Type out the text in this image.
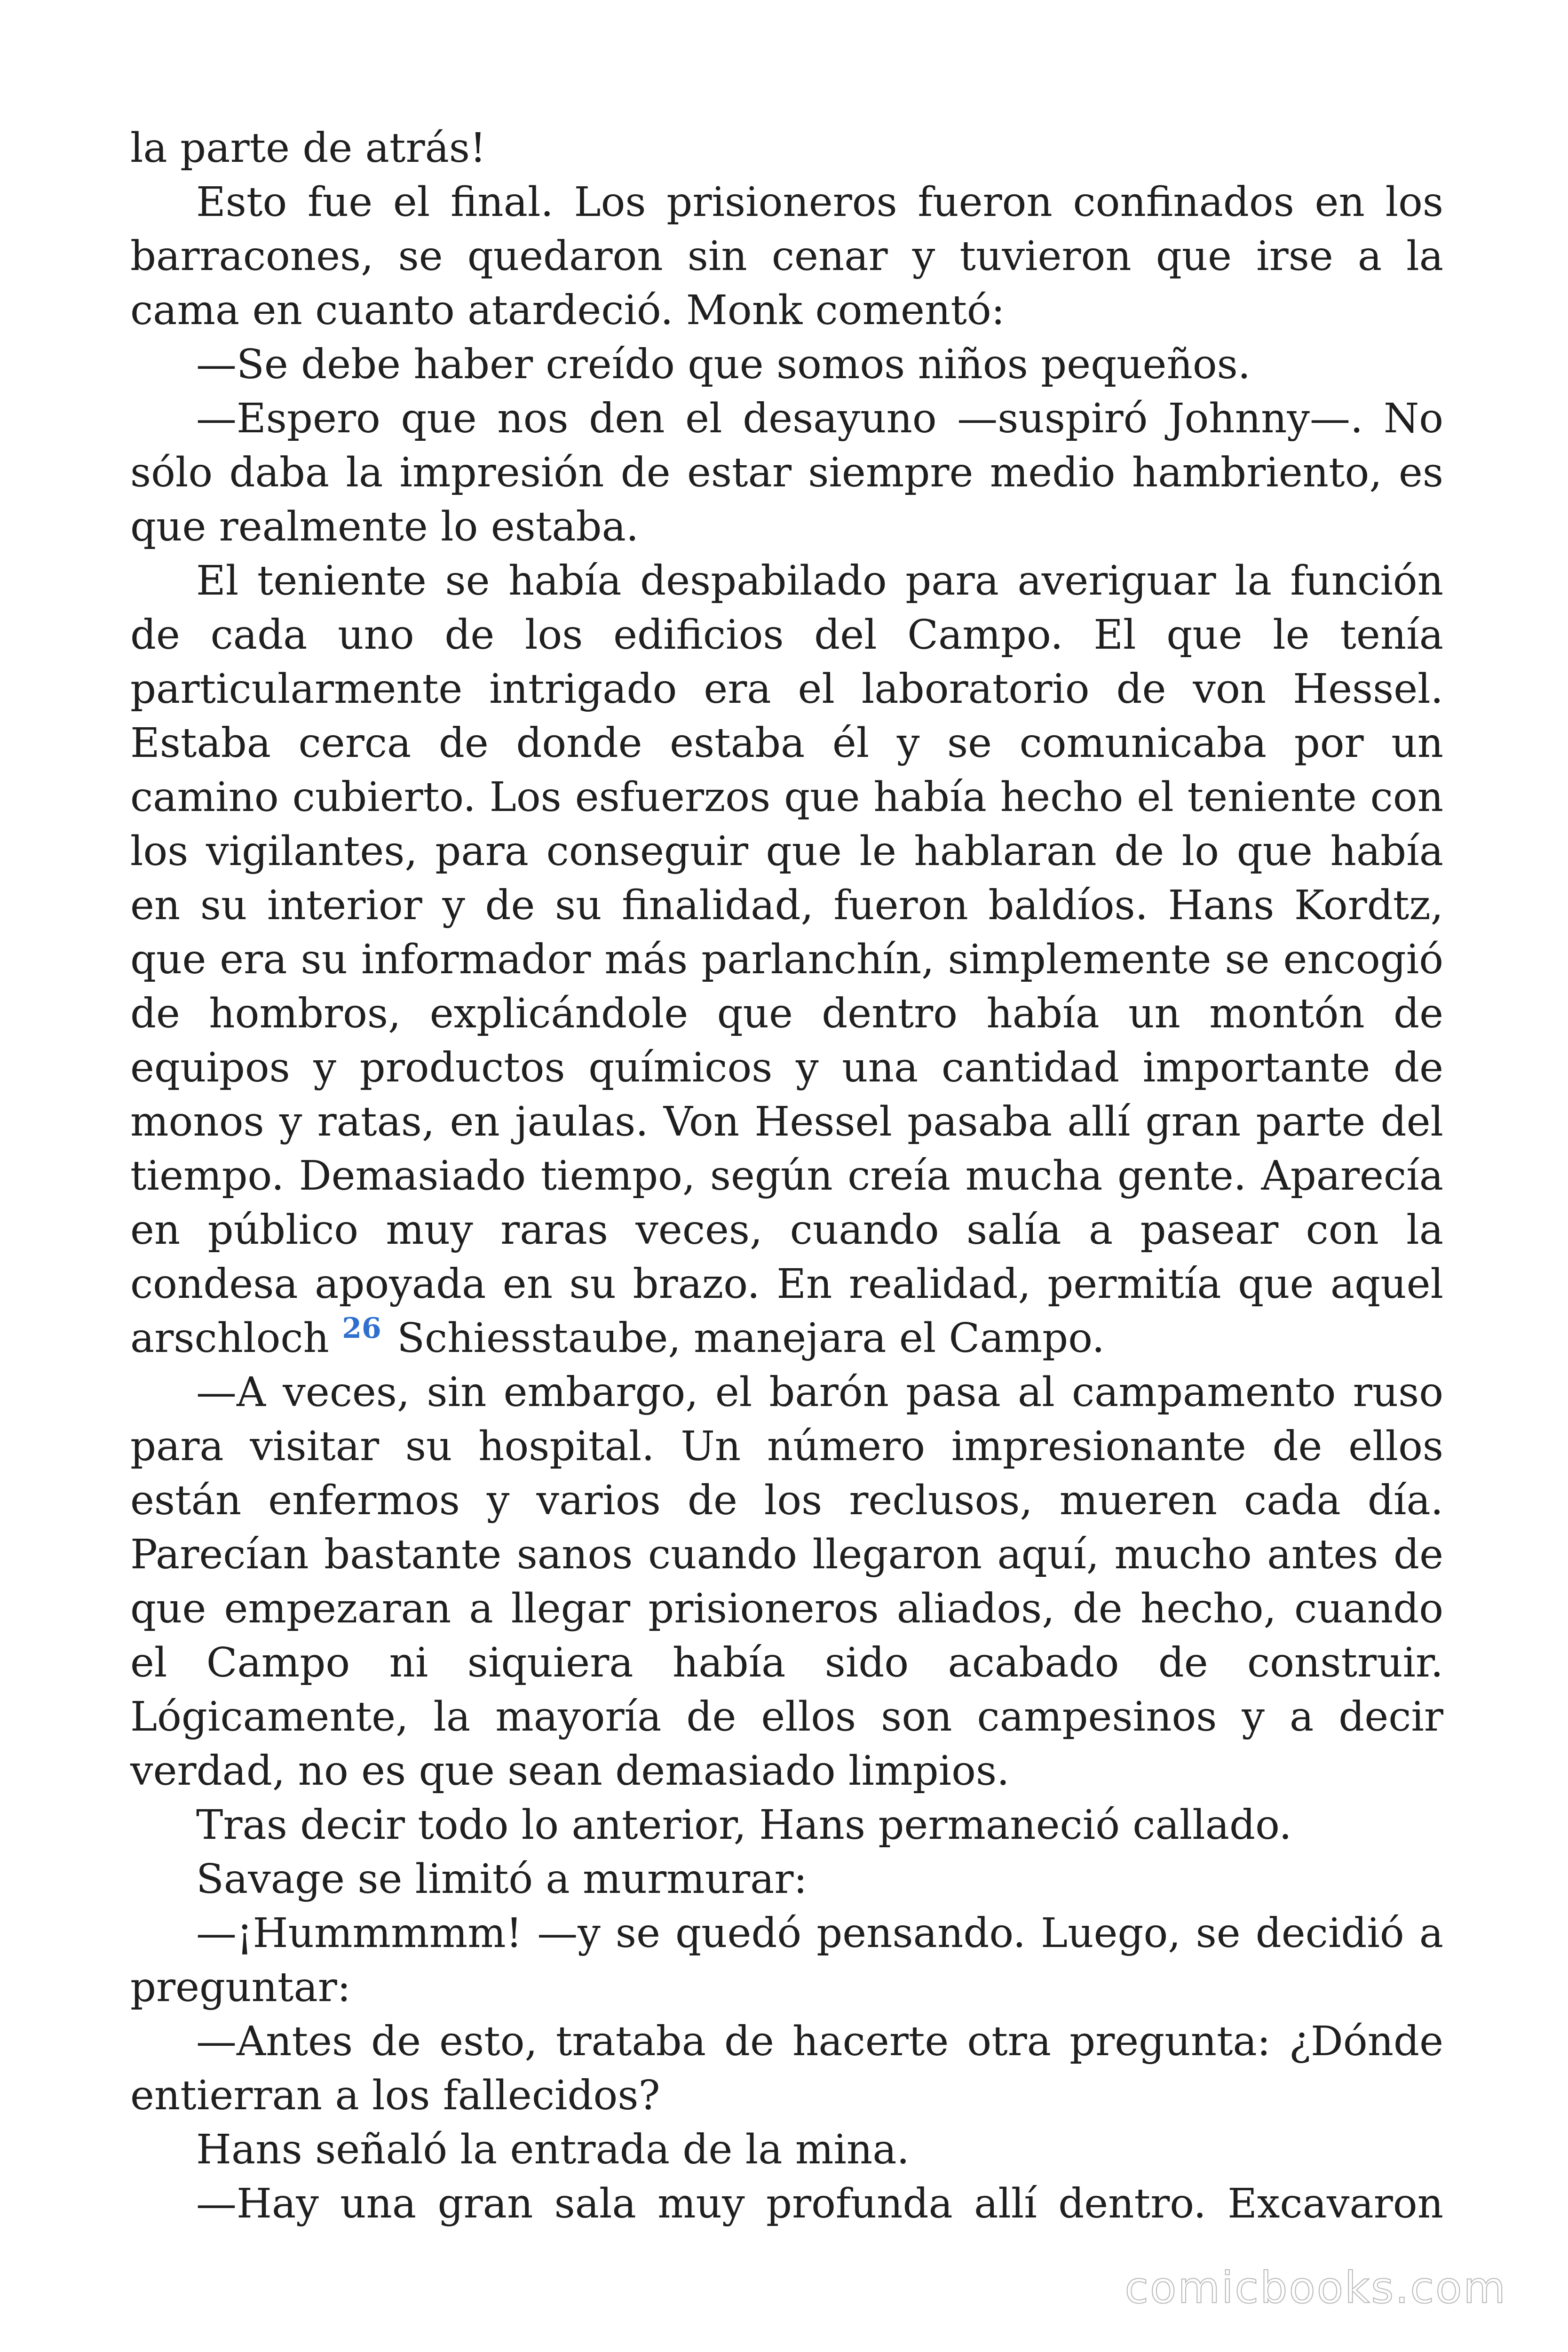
la parte de atrás!

Esto fue el final. Los prisioneros fueron confinados en los barracones, se quedaron sin cenar y tuvieron que irse a la cama en cuanto atardeció. Monk comentó:

—Se debe haber creído que somos niños pequeños.

—Espero que nos den el desayuno —suspiró Johnny—. No sólo daba la impresión de estar siempre medio hambriento, es que realmente lo estaba.

El teniente se había despabilado para averiguar la función de cada uno de los edificios del Campo. El que le tenía particularmente intrigado era el laboratorio de von Hessel. Estaba cerca de donde estaba él y se comunicaba por un camino cubierto. Los esfuerzos que había hecho el teniente con los vigilantes, para conseguir que le hablaran de lo que había en su interior y de su finalidad, fueron baldíos. Hans Kordtz, que era su informador más parlanchín, simplemente se encogió de hombros, explicándole que dentro había un montón de equipos y productos químicos y una cantidad importante de monos y ratas, en jaulas. Von Hessel pasaba allí gran parte del tiempo. Demasiado tiempo, según creía mucha gente. Aparecía en público muy raras veces, cuando salía a pasear con la condesa apoyada en su brazo. En realidad, permitía que aquel arschloch $^{26}$ Schiesstaube, manejara el Campo.

—A veces, sin embargo, el barón pasa al campamento ruso para visitar su hospital. Un número impresionante de ellos están enfermos y varios de los reclusos, mueren cada día. Parecían bastante sanos cuando llegaron aquí, mucho antes de que empezaran a llegar prisioneros aliados, de hecho, cuando el Campo ni siquiera había sido acabado de construir. Lógicamente, la mayoría de ellos son campesinos y a decir verdad, no es que sean demasiado limpios.

Tras decir todo lo anterior, Hans permaneció callado.

Savage se limitó a murmurar:

—¡Hummmmm! —y se quedó pensando. Luego, se decidió a preguntar:

—Antes de esto, trataba de hacerte otra pregunta: ¿Dónde entierran a los fallecidos?

Hans señaló la entrada de la mina.

—Hay una gran sala muy profunda allí dentro. Excavaron

comicbooks.com
